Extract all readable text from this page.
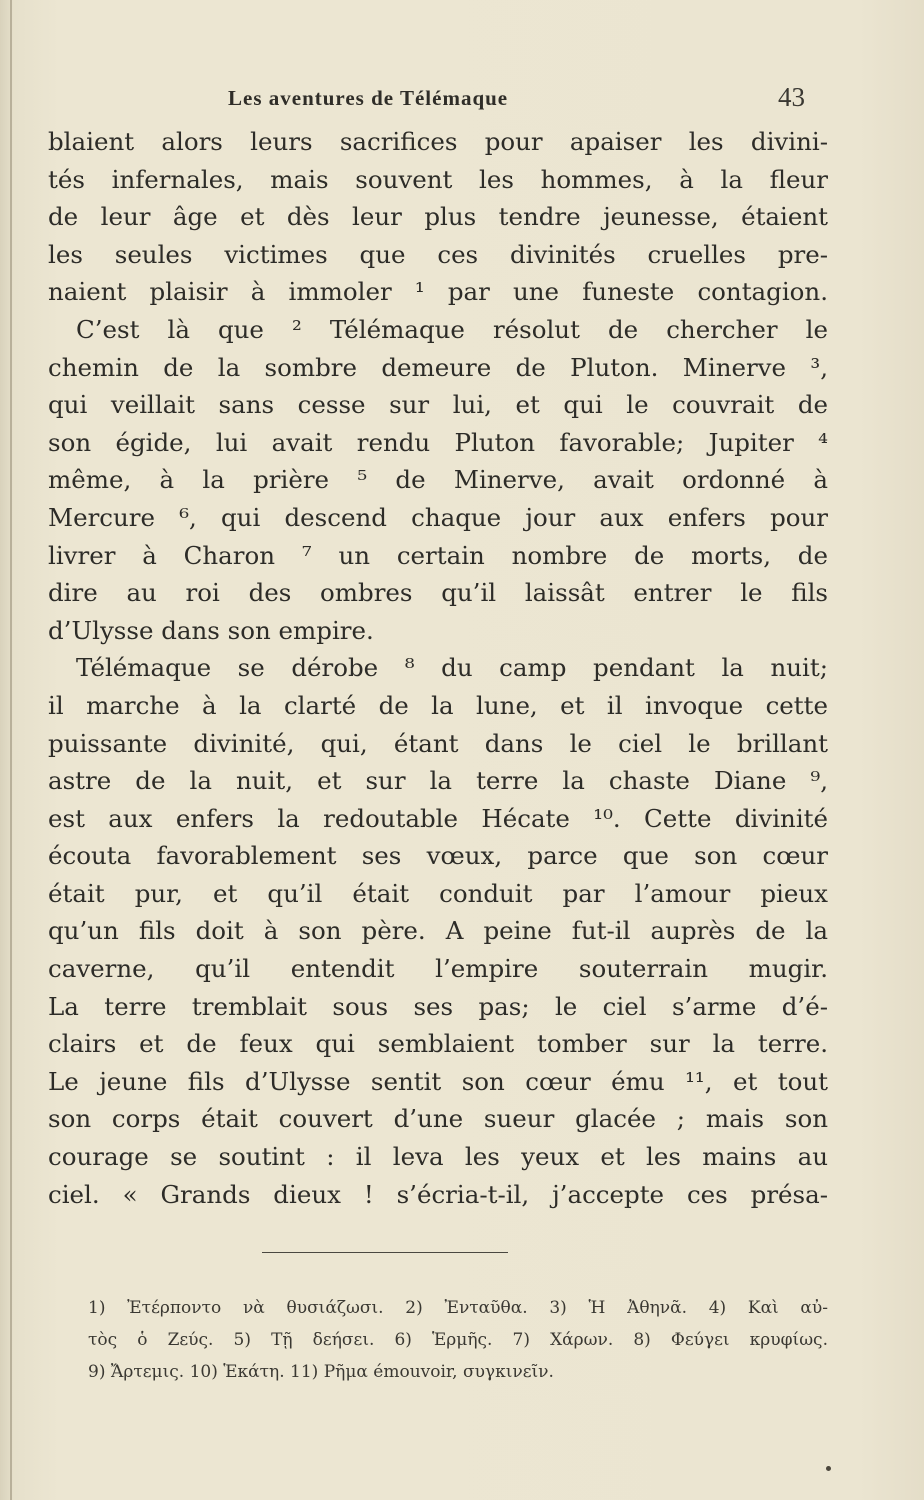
Les aventures de Télémaque	43
blaient alors leurs sacrifices pour apaiser les divini-
tés infernales, mais souvent les hommes, à la fleur
de leur âge et dès leur plus tendre jeunesse, étaient
les seules victimes que ces divinités cruelles pre-
naient plaisir à immoler ¹ par une funeste contagion.
C’est là que ² Télémaque résolut de chercher le
chemin de la sombre demeure de Pluton. Minerve ³,
qui veillait sans cesse sur lui, et qui le couvrait de
son égide, lui avait rendu Pluton favorable; Jupiter ⁴
même, à la prière ⁵ de Minerve, avait ordonné à
Mercure ⁶, qui descend chaque jour aux enfers pour
livrer à Charon ⁷ un certain nombre de morts, de
dire au roi des ombres qu’il laissât entrer le fils
d’Ulysse dans son empire.
Télémaque se dérobe ⁸ du camp pendant la nuit;
il marche à la clarté de la lune, et il invoque cette
puissante divinité, qui, étant dans le ciel le brillant
astre de la nuit, et sur la terre la chaste Diane ⁹,
est aux enfers la redoutable Hécate ¹⁰. Cette divinité
écouta favorablement ses vœux, parce que son cœur
était pur, et qu’il était conduit par l’amour pieux
qu’un fils doit à son père. A peine fut-il auprès de la
caverne, qu’il entendit l’empire souterrain mugir.
La terre tremblait sous ses pas; le ciel s’arme d’é-
clairs et de feux qui semblaient tomber sur la terre.
Le jeune fils d’Ulysse sentit son cœur ému ¹¹, et tout
son corps était couvert d’une sueur glacée ; mais son
courage se soutint : il leva les yeux et les mains au
ciel. « Grands dieux ! s’écria-t-il, j’accepte ces présa-
1) Ἐτέρποντο νὰ θυσιάζωσι. 2) Ἐνταῦθα. 3) Ἡ Ἀθηνᾶ. 4) Καὶ αὐ-
τὸς ὁ Ζεύς. 5) Τῇ δεήσει. 6) Ἑρμῆς. 7) Χάρων. 8) Φεύγει κρυφίως.
9) Ἄρτεμις. 10) Ἑκάτη. 11) Ρῆμα émouvoir, συγκινεῖν.
